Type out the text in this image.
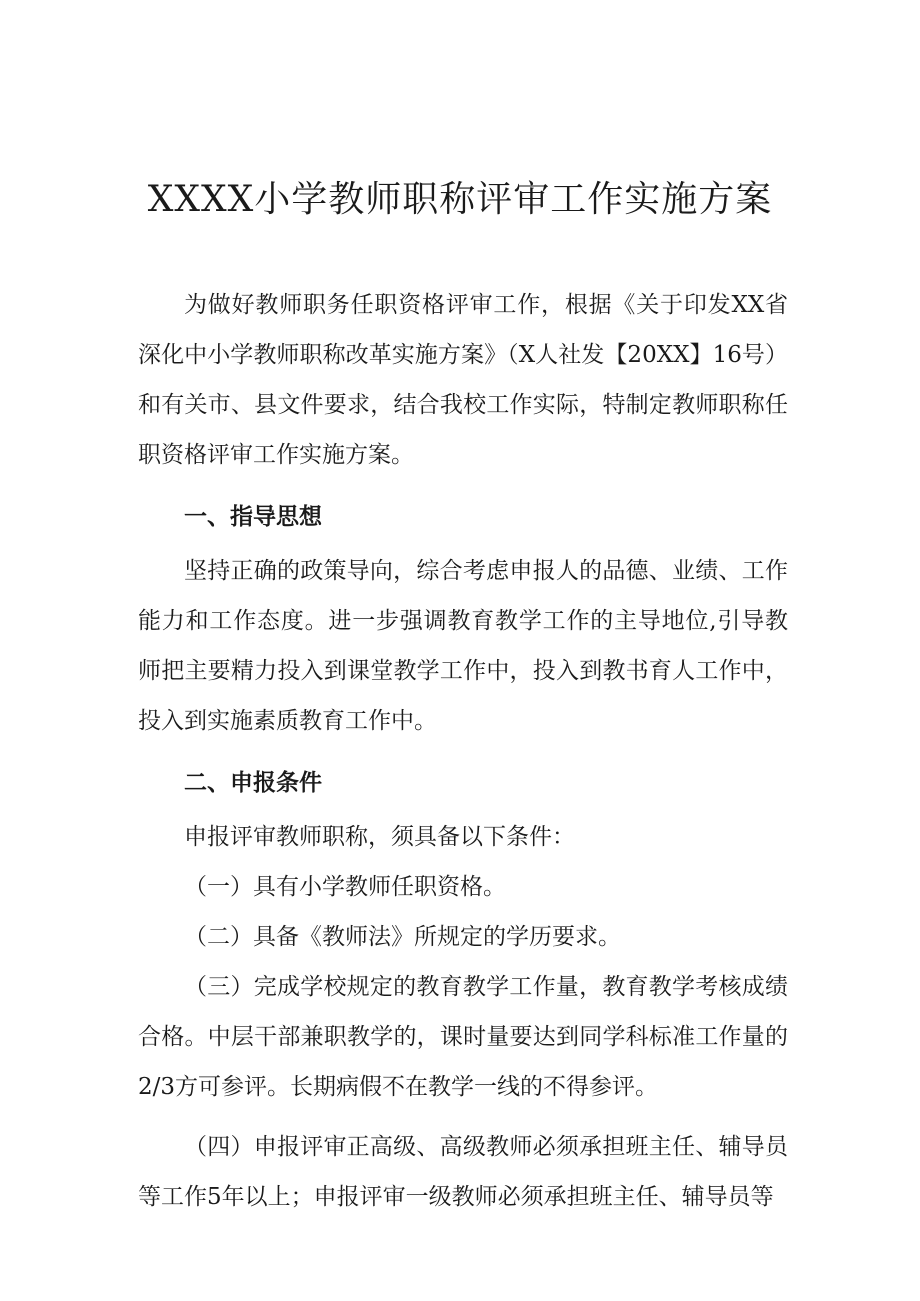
XXXX小学教师职称评审工作实施方案

为做好教师职务任职资格评审工作，根据《关于印发XX省深化中小学教师职称改革实施方案》（X人社发【20XX】16号）和有关市、县文件要求，结合我校工作实际，特制定教师职称任职资格评审工作实施方案。

一、指导思想

坚持正确的政策导向，综合考虑申报人的品德、业绩、工作能力和工作态度。进一步强调教育教学工作的主导地位,引导教师把主要精力投入到课堂教学工作中，投入到教书育人工作中，投入到实施素质教育工作中。

二、申报条件

申报评审教师职称，须具备以下条件：

（一）具有小学教师任职资格。

（二）具备《教师法》所规定的学历要求。

（三）完成学校规定的教育教学工作量，教育教学考核成绩合格。中层干部兼职教学的，课时量要达到同学科标准工作量的2/3方可参评。长期病假不在教学一线的不得参评。

（四）申报评审正高级、高级教师必须承担班主任、辅导员等工作5年以上；申报评审一级教师必须承担班主任、辅导员等
